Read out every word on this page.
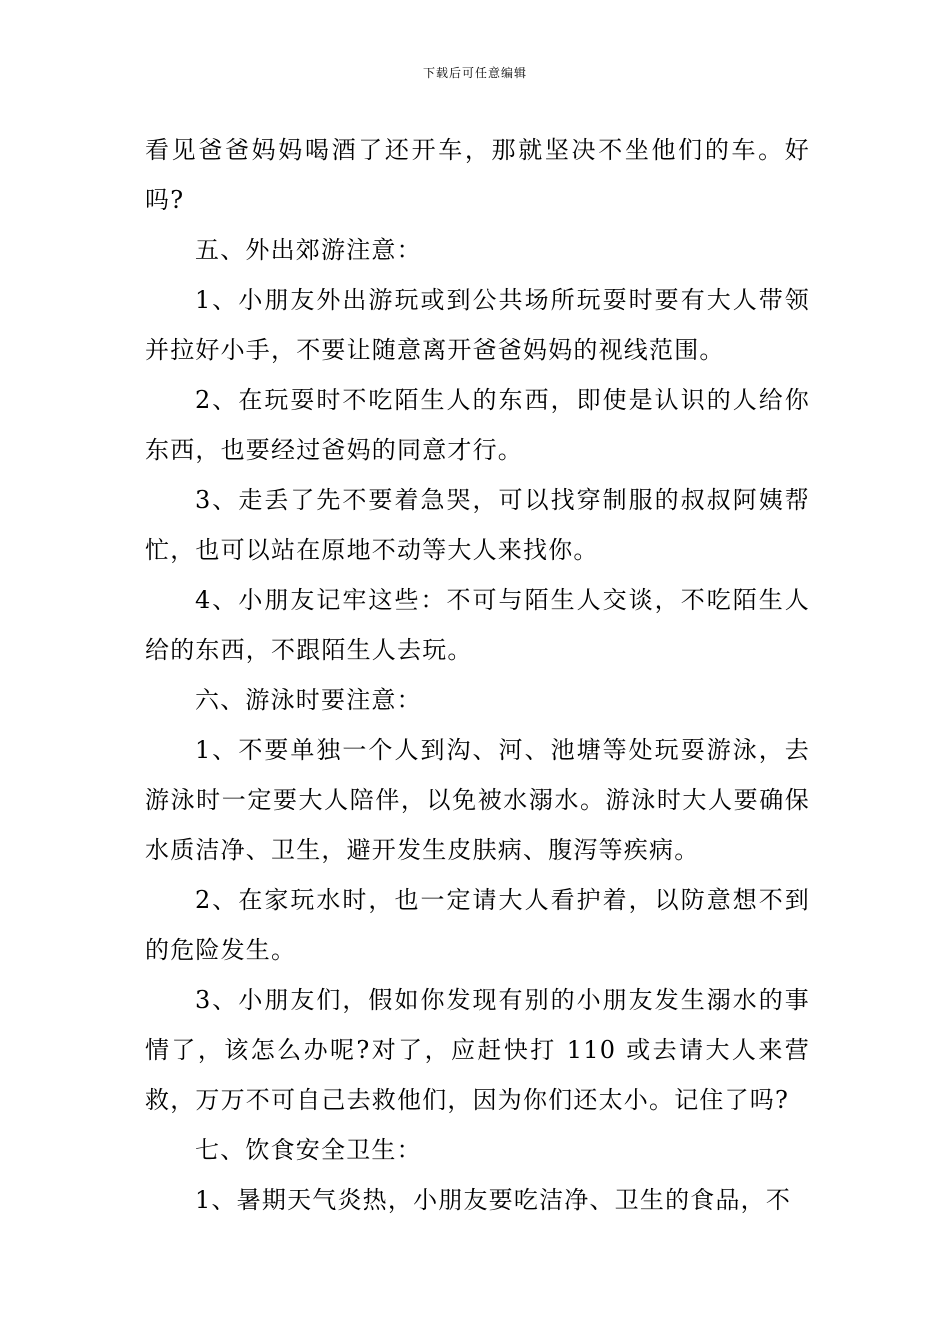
下载后可任意编辑

看见爸爸妈妈喝酒了还开车，那就坚决不坐他们的车。好吗?

五、外出郊游注意：

1、小朋友外出游玩或到公共场所玩耍时要有大人带领并拉好小手，不要让随意离开爸爸妈妈的视线范围。

2、在玩耍时不吃陌生人的东西，即使是认识的人给你东西，也要经过爸妈的同意才行。

3、走丢了先不要着急哭，可以找穿制服的叔叔阿姨帮忙，也可以站在原地不动等大人来找你。

4、小朋友记牢这些：不可与陌生人交谈，不吃陌生人给的东西，不跟陌生人去玩。

六、游泳时要注意：

1、不要单独一个人到沟、河、池塘等处玩耍游泳，去游泳时一定要大人陪伴，以免被水溺水。游泳时大人要确保水质洁净、卫生，避开发生皮肤病、腹泻等疾病。

2、在家玩水时，也一定请大人看护着，以防意想不到的危险发生。

3、小朋友们，假如你发现有别的小朋友发生溺水的事情了，该怎么办呢?对了，应赶快打 110 或去请大人来营救，万万不可自己去救他们，因为你们还太小。记住了吗?

七、饮食安全卫生：

1、暑期天气炎热，小朋友要吃洁净、卫生的食品，不
